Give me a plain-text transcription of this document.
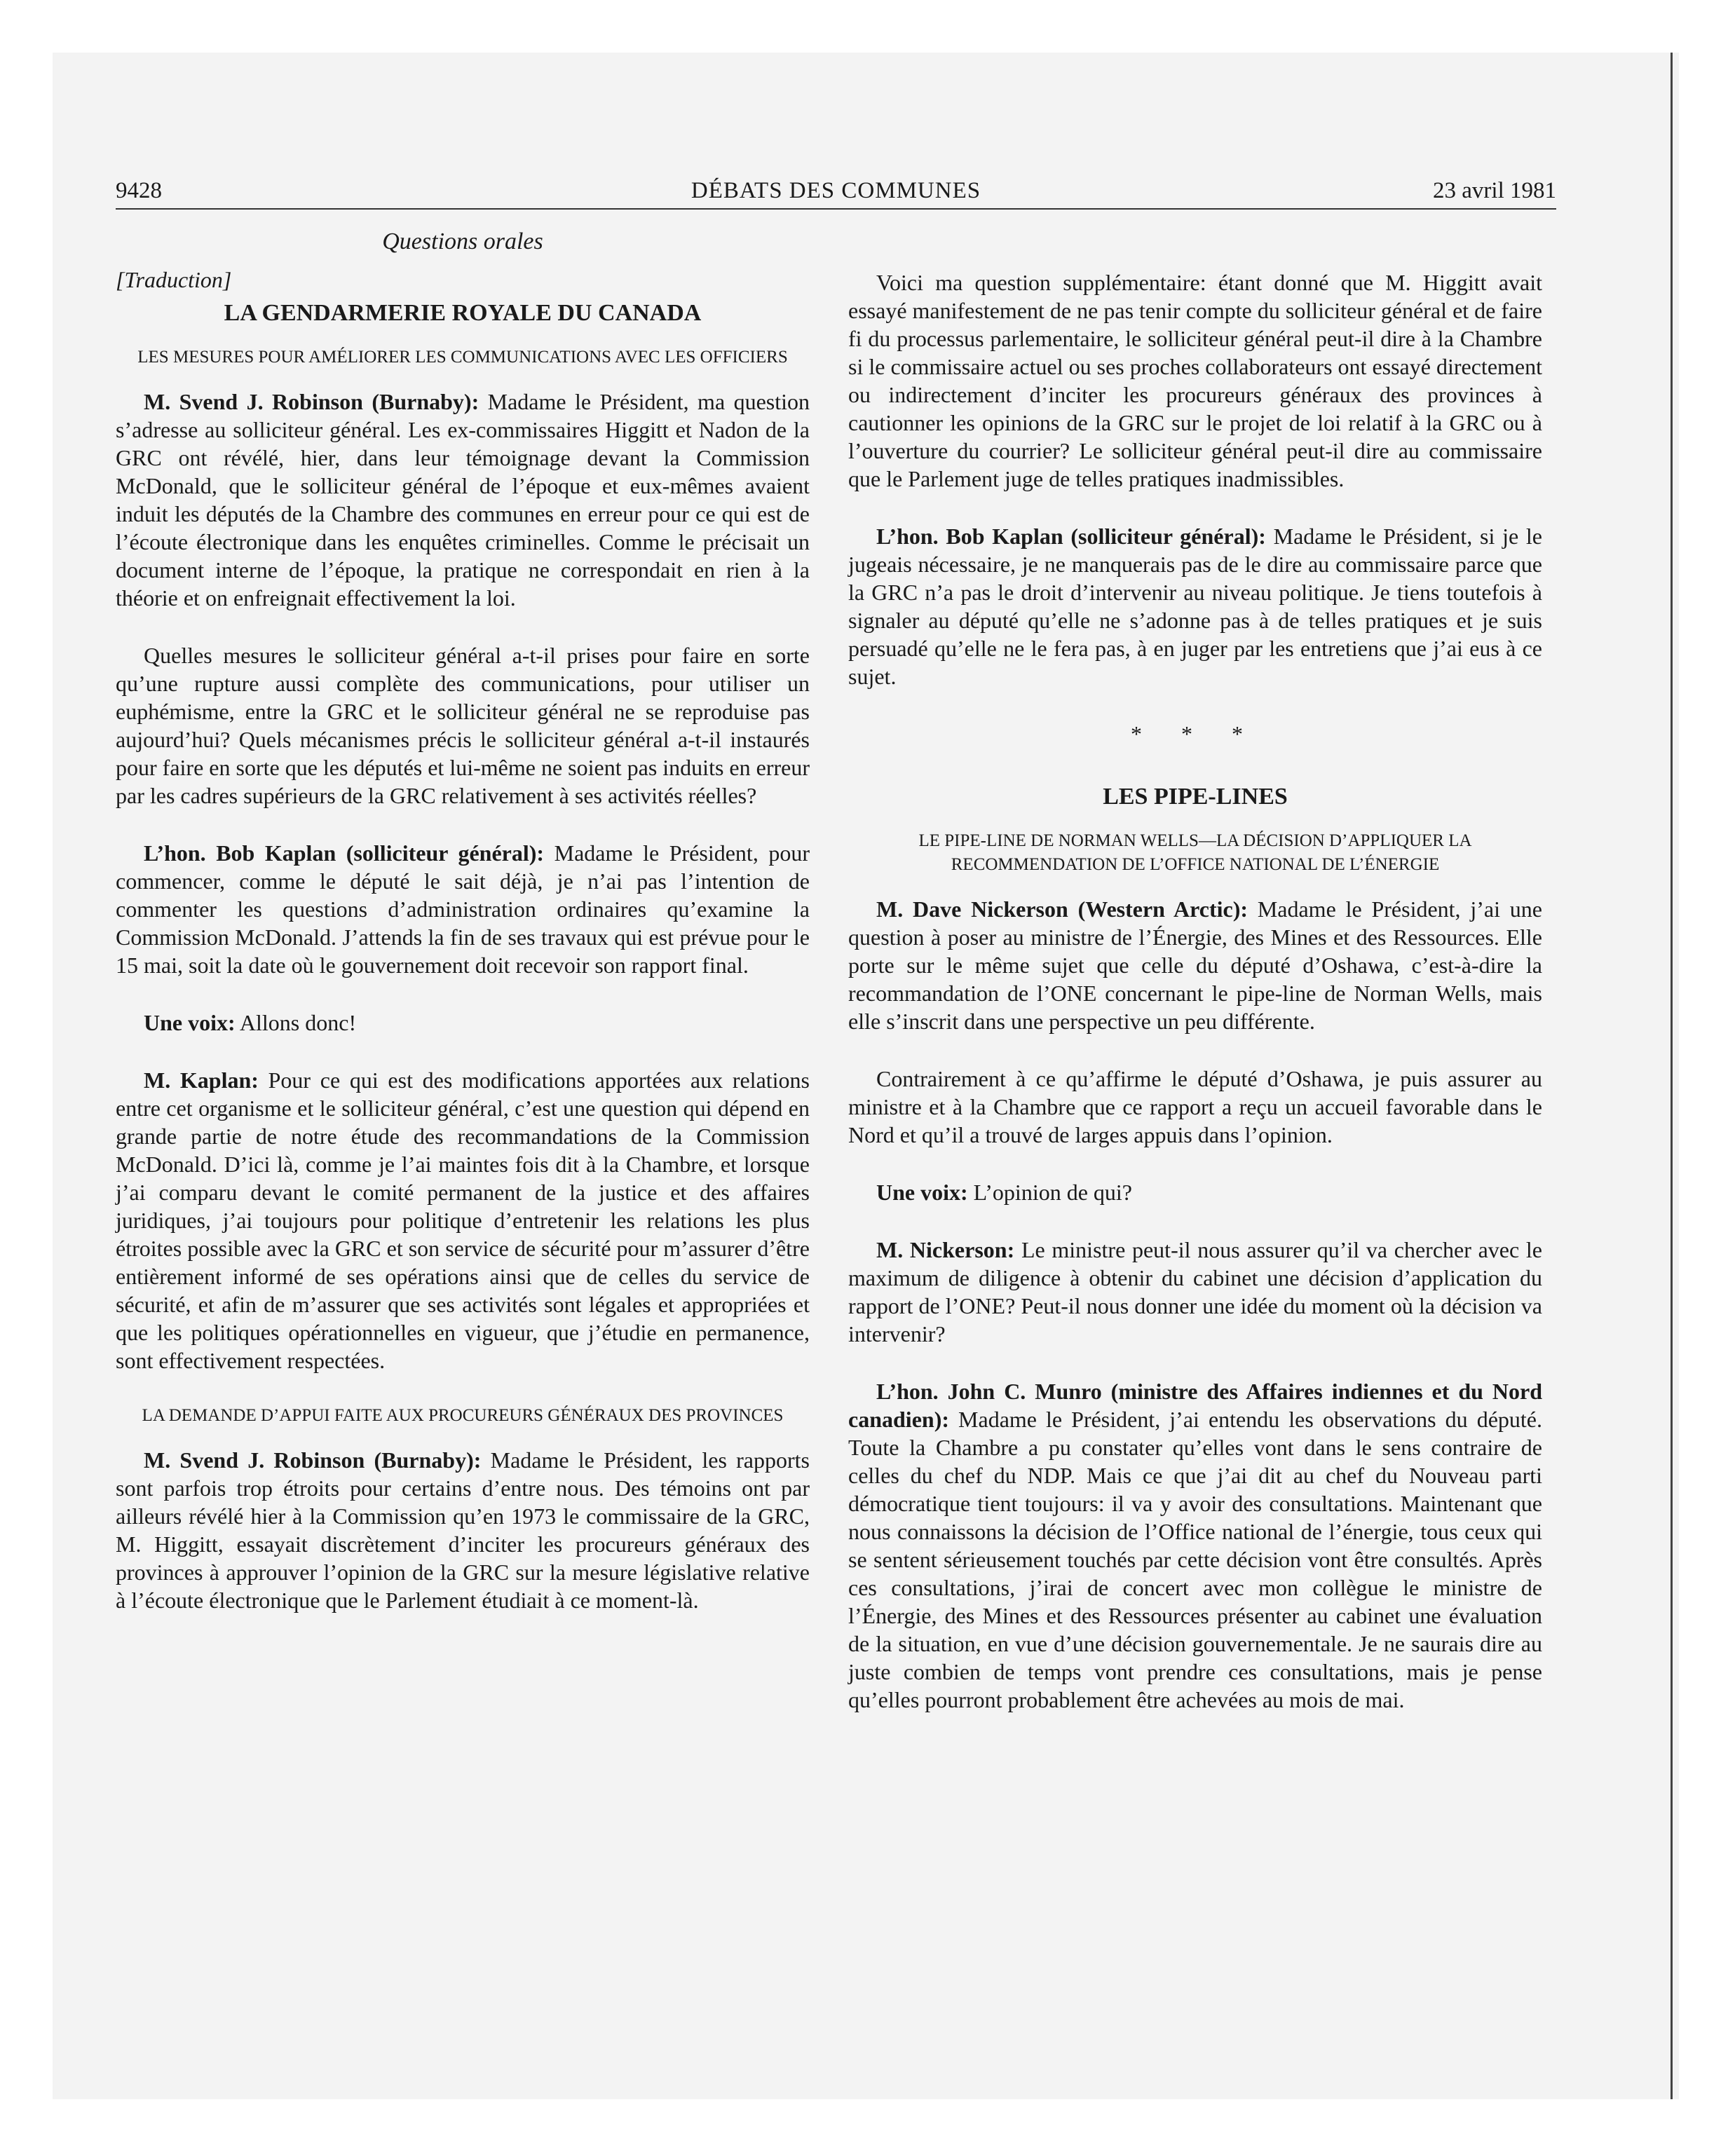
9428	DÉBATS DES COMMUNES	23 avril 1981
Questions orales
[Traduction]
LA GENDARMERIE ROYALE DU CANADA
LES MESURES POUR AMÉLIORER LES COMMUNICATIONS AVEC LES OFFICIERS

M. Svend J. Robinson (Burnaby): Madame le Président, ma question s’adresse au solliciteur général. Les ex-commissaires Higgitt et Nadon de la GRC ont révélé, hier, dans leur témoignage devant la Commission McDonald, que le solliciteur général de l’époque et eux-mêmes avaient induit les députés de la Chambre des communes en erreur pour ce qui est de l’écoute électronique dans les enquêtes criminelles. Comme le précisait un document interne de l’époque, la pratique ne correspondait en rien à la théorie et on enfreignait effectivement la loi.

Quelles mesures le solliciteur général a-t-il prises pour faire en sorte qu’une rupture aussi complète des communications, pour utiliser un euphémisme, entre la GRC et le solliciteur général ne se reproduise pas aujourd’hui? Quels mécanismes précis le solliciteur général a-t-il instaurés pour faire en sorte que les députés et lui-même ne soient pas induits en erreur par les cadres supérieurs de la GRC relativement à ses activités réelles?

L’hon. Bob Kaplan (solliciteur général): Madame le Président, pour commencer, comme le député le sait déjà, je n’ai pas l’intention de commenter les questions d’administration ordinaires qu’examine la Commission McDonald. J’attends la fin de ses travaux qui est prévue pour le 15 mai, soit la date où le gouvernement doit recevoir son rapport final.

Une voix: Allons donc!

M. Kaplan: Pour ce qui est des modifications apportées aux relations entre cet organisme et le solliciteur général, c’est une question qui dépend en grande partie de notre étude des recommandations de la Commission McDonald. D’ici là, comme je l’ai maintes fois dit à la Chambre, et lorsque j’ai comparu devant le comité permanent de la justice et des affaires juridiques, j’ai toujours pour politique d’entretenir les relations les plus étroites possible avec la GRC et son service de sécurité pour m’assurer d’être entièrement informé de ses opérations ainsi que de celles du service de sécurité, et afin de m’assurer que ses activités sont légales et appropriées et que les politiques opérationnelles en vigueur, que j’étudie en permanence, sont effectivement respectées.

LA DEMANDE D’APPUI FAITE AUX PROCUREURS GÉNÉRAUX DES PROVINCES

M. Svend J. Robinson (Burnaby): Madame le Président, les rapports sont parfois trop étroits pour certains d’entre nous. Des témoins ont par ailleurs révélé hier à la Commission qu’en 1973 le commissaire de la GRC, M. Higgitt, essayait discrètement d’inciter les procureurs généraux des provinces à approuver l’opinion de la GRC sur la mesure législative relative à l’écoute électronique que le Parlement étudiait à ce moment-là.

Voici ma question supplémentaire: étant donné que M. Higgitt avait essayé manifestement de ne pas tenir compte du solliciteur général et de faire fi du processus parlementaire, le solliciteur général peut-il dire à la Chambre si le commissaire actuel ou ses proches collaborateurs ont essayé directement ou indirectement d’inciter les procureurs généraux des provinces à cautionner les opinions de la GRC sur le projet de loi relatif à la GRC ou à l’ouverture du courrier? Le solliciteur général peut-il dire au commissaire que le Parlement juge de telles pratiques inadmissibles.

L’hon. Bob Kaplan (solliciteur général): Madame le Président, si je le jugeais nécessaire, je ne manquerais pas de le dire au commissaire parce que la GRC n’a pas le droit d’intervenir au niveau politique. Je tiens toutefois à signaler au député qu’elle ne s’adonne pas à de telles pratiques et je suis persuadé qu’elle ne le fera pas, à en juger par les entretiens que j’ai eus à ce sujet.

* * *
LES PIPE-LINES
LE PIPE-LINE DE NORMAN WELLS—LA DÉCISION D’APPLIQUER LA RECOMMENDATION DE L’OFFICE NATIONAL DE L’ÉNERGIE

M. Dave Nickerson (Western Arctic): Madame le Président, j’ai une question à poser au ministre de l’Énergie, des Mines et des Ressources. Elle porte sur le même sujet que celle du député d’Oshawa, c’est-à-dire la recommandation de l’ONE concernant le pipe-line de Norman Wells, mais elle s’inscrit dans une perspective un peu différente.

Contrairement à ce qu’affirme le député d’Oshawa, je puis assurer au ministre et à la Chambre que ce rapport a reçu un accueil favorable dans le Nord et qu’il a trouvé de larges appuis dans l’opinion.

Une voix: L’opinion de qui?

M. Nickerson: Le ministre peut-il nous assurer qu’il va chercher avec le maximum de diligence à obtenir du cabinet une décision d’application du rapport de l’ONE? Peut-il nous donner une idée du moment où la décision va intervenir?

L’hon. John C. Munro (ministre des Affaires indiennes et du Nord canadien): Madame le Président, j’ai entendu les observations du député. Toute la Chambre a pu constater qu’elles vont dans le sens contraire de celles du chef du NDP. Mais ce que j’ai dit au chef du Nouveau parti démocratique tient toujours: il va y avoir des consultations. Maintenant que nous connaissons la décision de l’Office national de l’énergie, tous ceux qui se sentent sérieusement touchés par cette décision vont être consultés. Après ces consultations, j’irai de concert avec mon collègue le ministre de l’Énergie, des Mines et des Ressources présenter au cabinet une évaluation de la situation, en vue d’une décision gouvernementale. Je ne saurais dire au juste combien de temps vont prendre ces consultations, mais je pense qu’elles pourront probablement être achevées au mois de mai.
